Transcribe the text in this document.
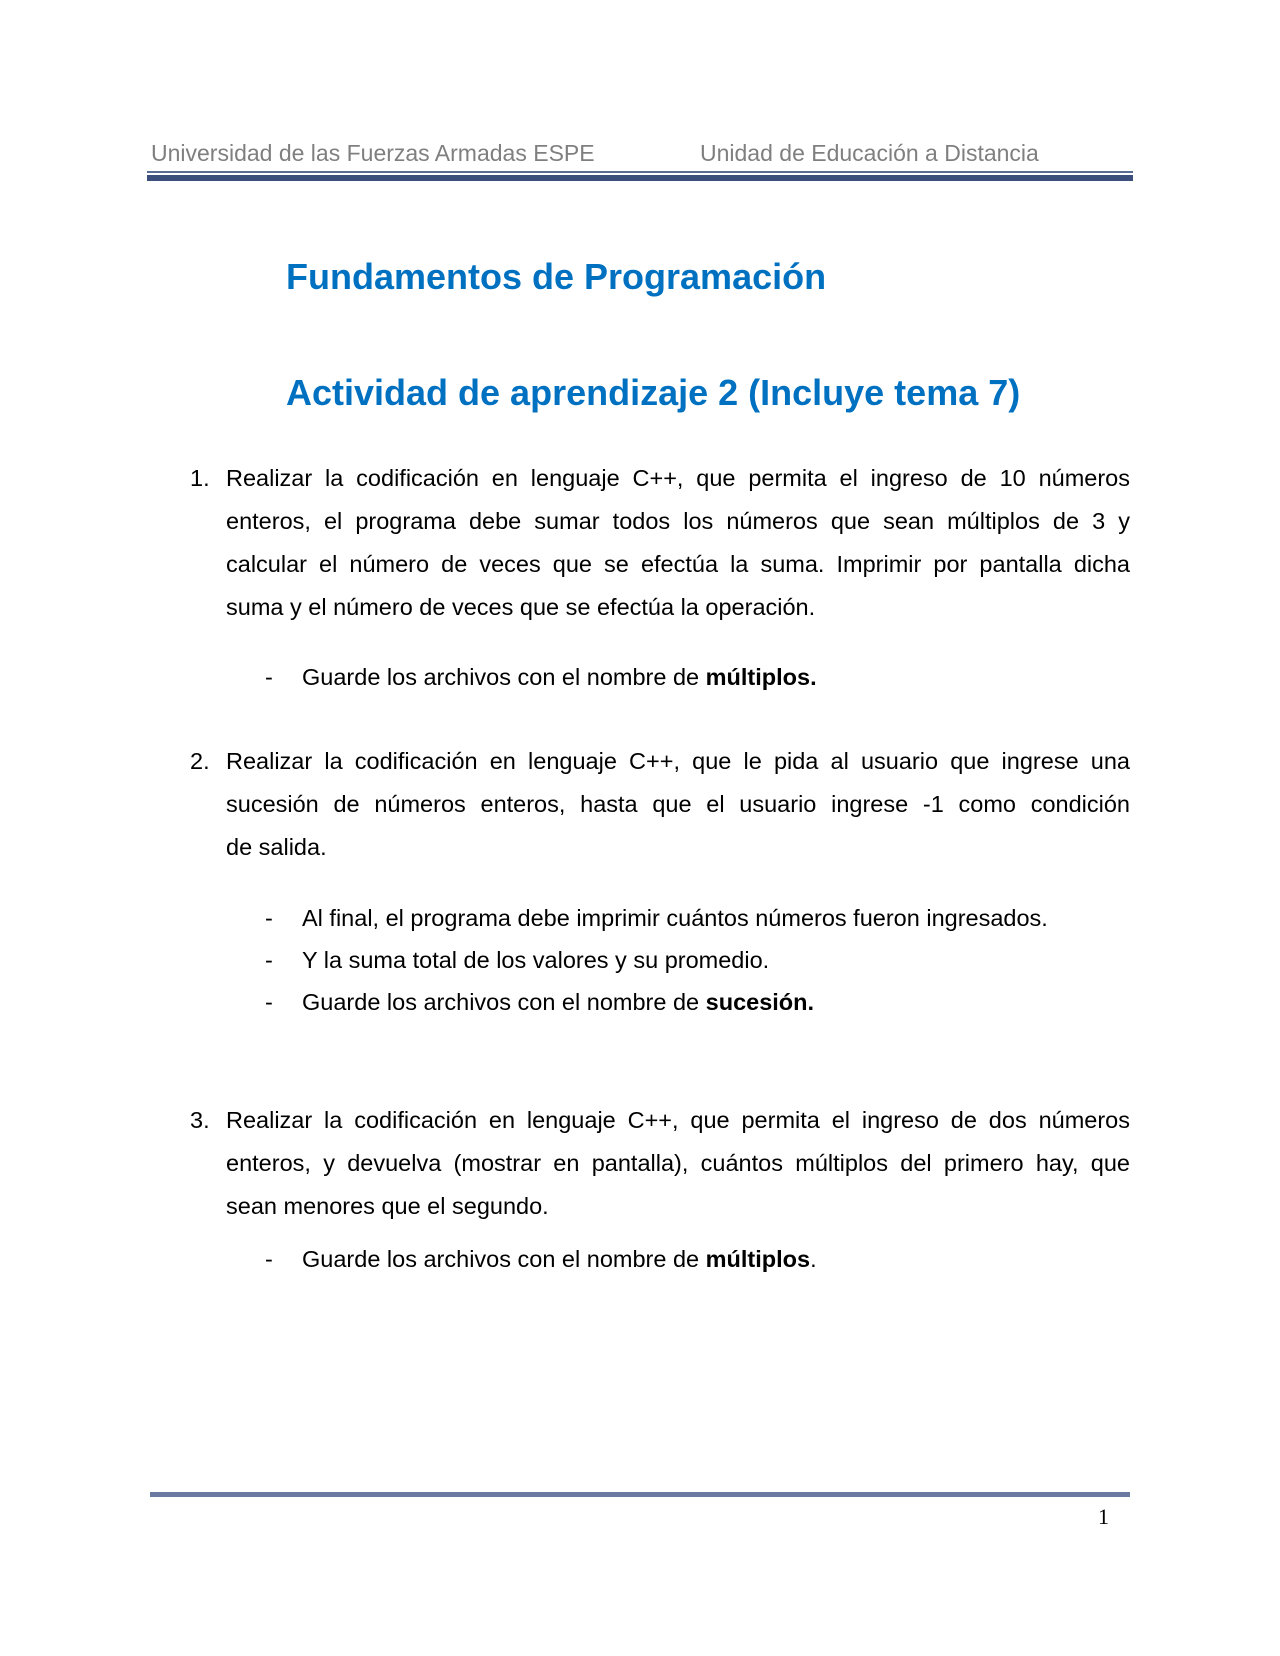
Universidad de las Fuerzas Armadas ESPE	Unidad de Educación a Distancia
Fundamentos de Programación
Actividad de aprendizaje 2 (Incluye tema 7)
1. Realizar la codificación en lenguaje C++, que permita el ingreso de 10 números
enteros, el programa debe sumar todos los números que sean múltiplos de 3 y
calcular el número de veces que se efectúa la suma. Imprimir por pantalla dicha
suma y el número de veces que se efectúa la operación.
- Guarde los archivos con el nombre de múltiplos.
2. Realizar la codificación en lenguaje C++, que le pida al usuario que ingrese una
sucesión de números enteros, hasta que el usuario ingrese -1 como condición
de salida.
- Al final, el programa debe imprimir cuántos números fueron ingresados.
- Y la suma total de los valores y su promedio.
- Guarde los archivos con el nombre de sucesión.
3. Realizar la codificación en lenguaje C++, que permita el ingreso de dos números
enteros, y devuelva (mostrar en pantalla), cuántos múltiplos del primero hay, que
sean menores que el segundo.
- Guarde los archivos con el nombre de múltiplos.
1
